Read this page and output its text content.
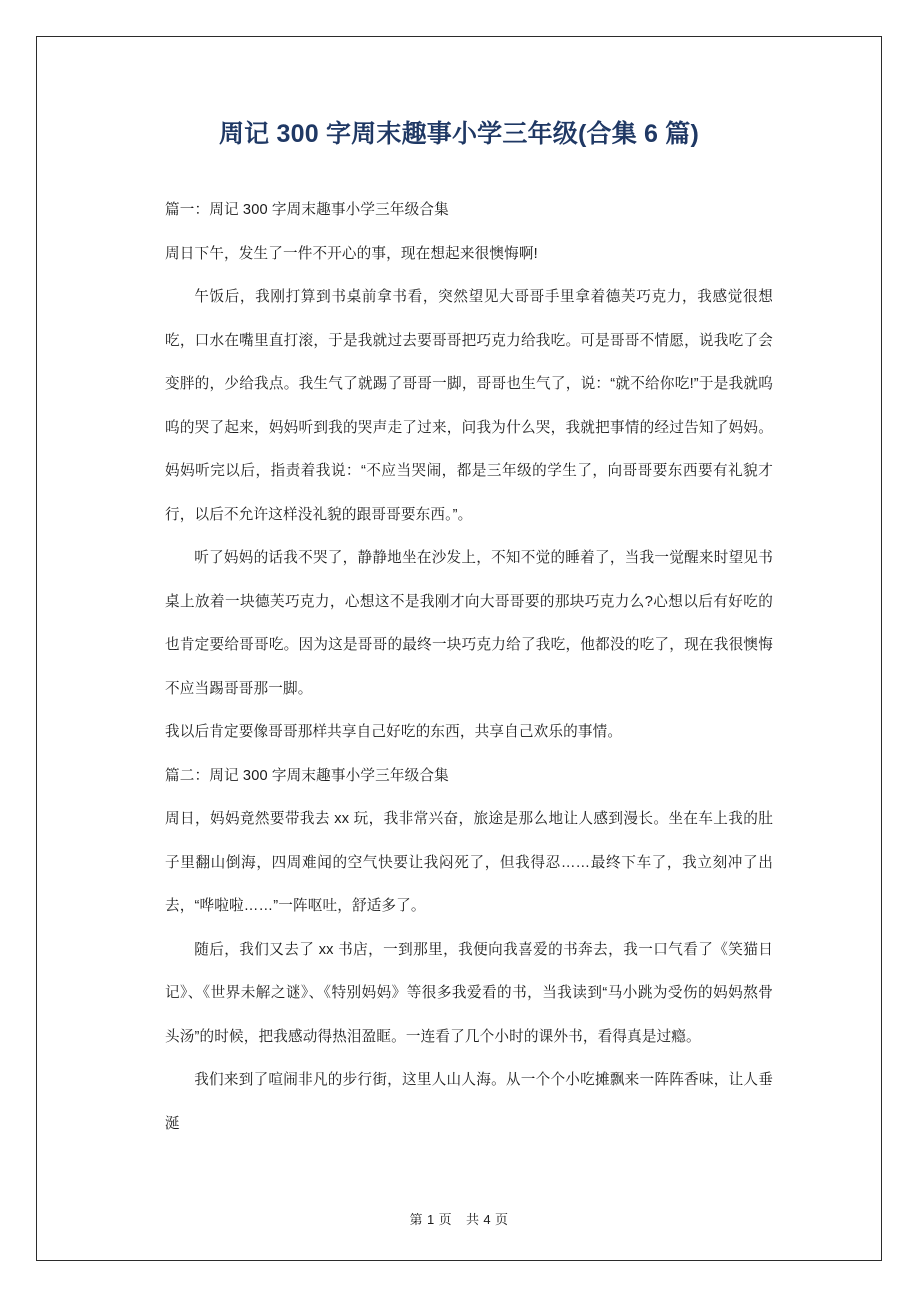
周记 300 字周末趣事小学三年级(合集 6 篇)

篇一：周记 300 字周末趣事小学三年级合集

周日下午，发生了一件不开心的事，现在想起来很懊悔啊!

午饭后，我刚打算到书桌前拿书看，突然望见大哥哥手里拿着德芙巧克力，我感觉很想吃，口水在嘴里直打滚，于是我就过去要哥哥把巧克力给我吃。可是哥哥不情愿，说我吃了会变胖的，少给我点。我生气了就踢了哥哥一脚，哥哥也生气了，说：“就不给你吃!”于是我就呜呜的哭了起来，妈妈听到我的哭声走了过来，问我为什么哭，我就把事情的经过告知了妈妈。妈妈听完以后，指责着我说：“不应当哭闹，都是三年级的学生了，向哥哥要东西要有礼貌才行，以后不允许这样没礼貌的跟哥哥要东西。”。

听了妈妈的话我不哭了，静静地坐在沙发上，不知不觉的睡着了，当我一觉醒来时望见书桌上放着一块德芙巧克力，心想这不是我刚才向大哥哥要的那块巧克力么?心想以后有好吃的也肯定要给哥哥吃。因为这是哥哥的最终一块巧克力给了我吃，他都没的吃了，现在我很懊悔不应当踢哥哥那一脚。

我以后肯定要像哥哥那样共享自己好吃的东西，共享自己欢乐的事情。

篇二：周记 300 字周末趣事小学三年级合集

周日，妈妈竟然要带我去 xx 玩，我非常兴奋，旅途是那么地让人感到漫长。坐在车上我的肚子里翻山倒海，四周难闻的空气快要让我闷死了，但我得忍……最终下车了，我立刻冲了出去，“哗啦啦……”一阵呕吐，舒适多了。

随后，我们又去了 xx 书店，一到那里，我便向我喜爱的书奔去，我一口气看了《笑猫日记》、《世界未解之谜》、《特别妈妈》等很多我爱看的书，当我读到“马小跳为受伤的妈妈熬骨头汤”的时候，把我感动得热泪盈眶。一连看了几个小时的课外书，看得真是过瘾。

我们来到了喧闹非凡的步行街，这里人山人海。从一个个小吃摊飘来一阵阵香味，让人垂涎

第 1 页 共 4 页
